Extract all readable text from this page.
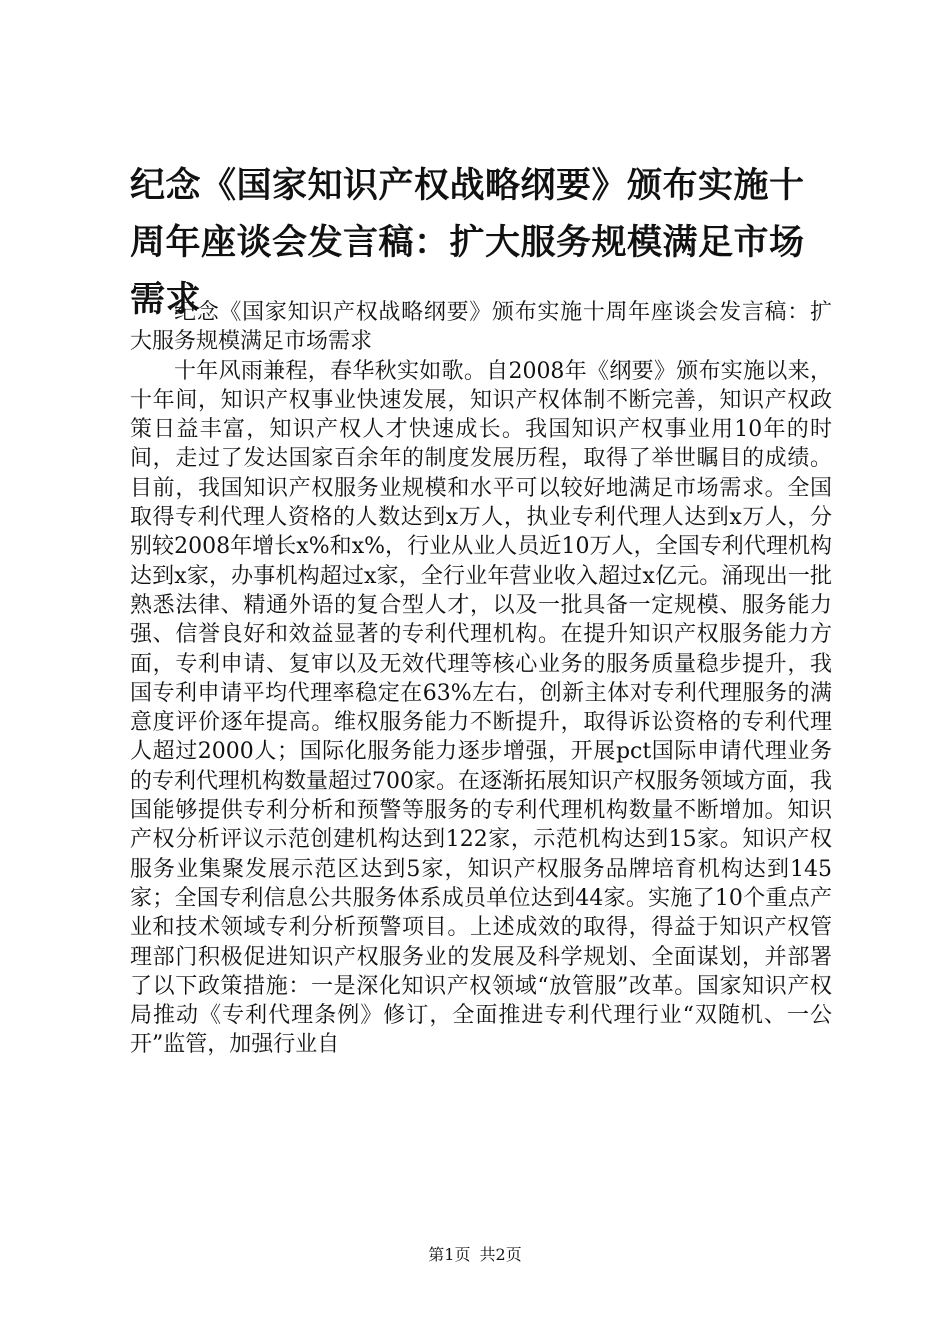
纪念《国家知识产权战略纲要》颁布实施十周年座谈会发言稿：扩大服务规模满足市场需求

纪念《国家知识产权战略纲要》颁布实施十周年座谈会发言稿：扩大服务规模满足市场需求

十年风雨兼程，春华秋实如歌。自2008年《纲要》颁布实施以来，十年间，知识产权事业快速发展，知识产权体制不断完善，知识产权政策日益丰富，知识产权人才快速成长。我国知识产权事业用10年的时间，走过了发达国家百余年的制度发展历程，取得了举世瞩目的成绩。目前，我国知识产权服务业规模和水平可以较好地满足市场需求。全国取得专利代理人资格的人数达到x万人，执业专利代理人达到x万人，分别较2008年增长x%和x%，行业从业人员近10万人，全国专利代理机构达到x家，办事机构超过x家，全行业年营业收入超过x亿元。涌现出一批熟悉法律、精通外语的复合型人才，以及一批具备一定规模、服务能力强、信誉良好和效益显著的专利代理机构。在提升知识产权服务能力方面，专利申请、复审以及无效代理等核心业务的服务质量稳步提升，我国专利申请平均代理率稳定在63%左右，创新主体对专利代理服务的满意度评价逐年提高。维权服务能力不断提升，取得诉讼资格的专利代理人超过2000人；国际化服务能力逐步增强，开展pct国际申请代理业务的专利代理机构数量超过700家。在逐渐拓展知识产权服务领域方面，我国能够提供专利分析和预警等服务的专利代理机构数量不断增加。知识产权分析评议示范创建机构达到122家，示范机构达到15家。知识产权服务业集聚发展示范区达到5家，知识产权服务品牌培育机构达到145家；全国专利信息公共服务体系成员单位达到44家。实施了10个重点产业和技术领域专利分析预警项目。上述成效的取得，得益于知识产权管理部门积极促进知识产权服务业的发展及科学规划、全面谋划，并部署了以下政策措施：一是深化知识产权领域“放管服”改革。国家知识产权局推动《专利代理条例》修订，全面推进专利代理行业“双随机、一公开”监管，加强行业自

第1页 共2页
